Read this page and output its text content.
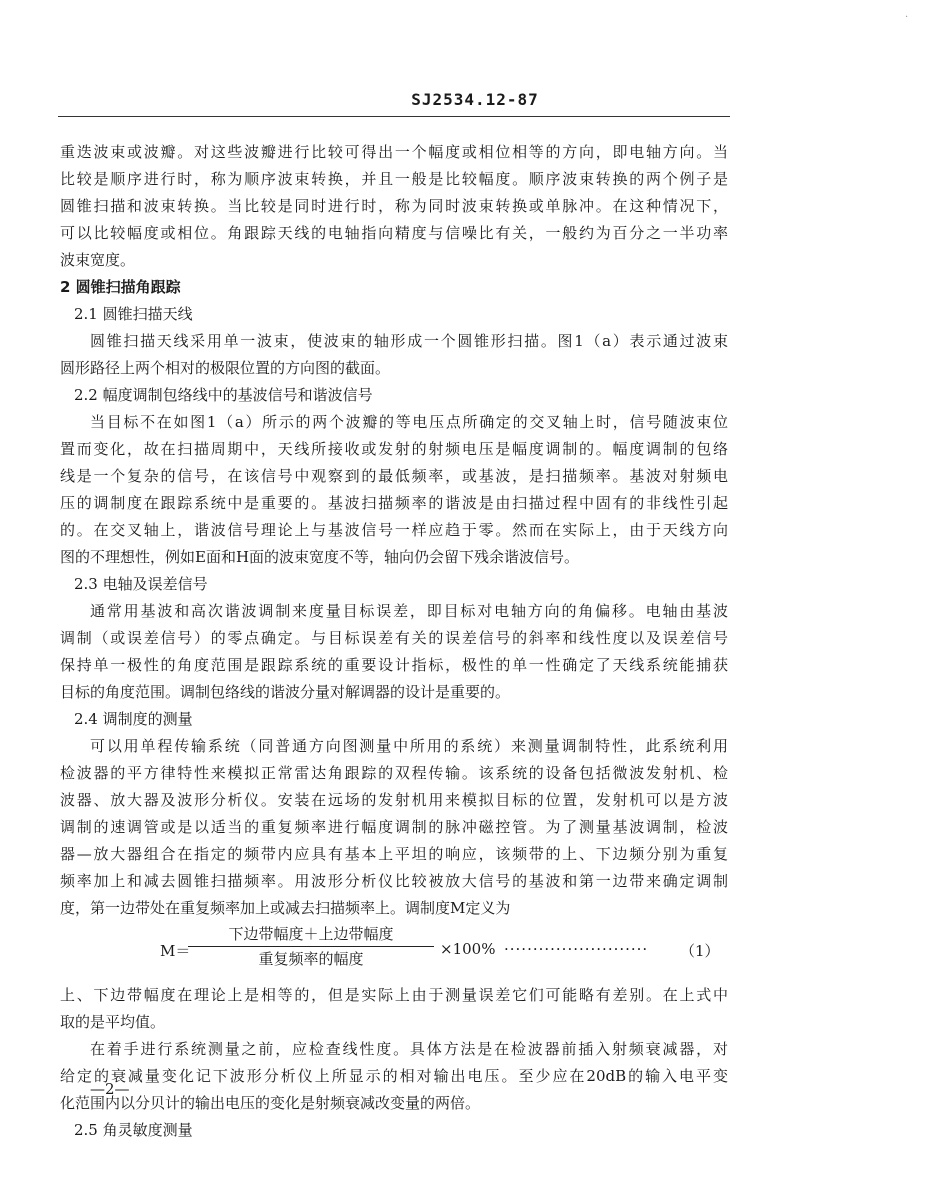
·
SJ2534.12-87
重迭波束或波瓣。对这些波瓣进行比较可得出一个幅度或相位相等的方向，即电轴方向。当
比较是顺序进行时，称为顺序波束转换，并且一般是比较幅度。顺序波束转换的两个例子是
圆锥扫描和波束转换。当比较是同时进行时，称为同时波束转换或单脉冲。在这种情况下，
可以比较幅度或相位。角跟踪天线的电轴指向精度与信噪比有关，一般约为百分之一半功率
波束宽度。
2 圆锥扫描角跟踪
2.1 圆锥扫描天线
圆锥扫描天线采用单一波束，使波束的轴形成一个圆锥形扫描。图1（a）表示通过波束
圆形路径上两个相对的极限位置的方向图的截面。
2.2 幅度调制包络线中的基波信号和谐波信号
当目标不在如图1（a）所示的两个波瓣的等电压点所确定的交叉轴上时，信号随波束位
置而变化，故在扫描周期中，天线所接收或发射的射频电压是幅度调制的。幅度调制的包络
线是一个复杂的信号，在该信号中观察到的最低频率，或基波，是扫描频率。基波对射频电
压的调制度在跟踪系统中是重要的。基波扫描频率的谐波是由扫描过程中固有的非线性引起
的。在交叉轴上，谐波信号理论上与基波信号一样应趋于零。然而在实际上，由于天线方向
图的不理想性，例如E面和H面的波束宽度不等，轴向仍会留下残余谐波信号。
2.3 电轴及误差信号
通常用基波和高次谐波调制来度量目标误差，即目标对电轴方向的角偏移。电轴由基波
调制（或误差信号）的零点确定。与目标误差有关的误差信号的斜率和线性度以及误差信号
保持单一极性的角度范围是跟踪系统的重要设计指标，极性的单一性确定了天线系统能捕获
目标的角度范围。调制包络线的谐波分量对解调器的设计是重要的。
2.4 调制度的测量
可以用单程传输系统（同普通方向图测量中所用的系统）来测量调制特性，此系统利用
检波器的平方律特性来模拟正常雷达角跟踪的双程传输。该系统的设备包括微波发射机、检
波器、放大器及波形分析仪。安装在远场的发射机用来模拟目标的位置，发射机可以是方波
调制的速调管或是以适当的重复频率进行幅度调制的脉冲磁控管。为了测量基波调制，检波
器—放大器组合在指定的频带内应具有基本上平坦的响应，该频带的上、下边频分别为重复
频率加上和减去圆锥扫描频率。用波形分析仪比较被放大信号的基波和第一边带来确定调制
度，第一边带处在重复频率加上或减去扫描频率上。调制度M定义为
M＝
下边带幅度＋上边带幅度
重复频率的幅度
×100% ························· （1）
上、下边带幅度在理论上是相等的，但是实际上由于测量误差它们可能略有差别。在上式中
取的是平均值。
在着手进行系统测量之前，应检查线性度。具体方法是在检波器前插入射频衰减器，对
给定的衰减量变化记下波形分析仪上所显示的相对输出电压。至少应在20dB的输入电平变
化范围内以分贝计的输出电压的变化是射频衰减改变量的两倍。
2.5 角灵敏度测量
—2—
